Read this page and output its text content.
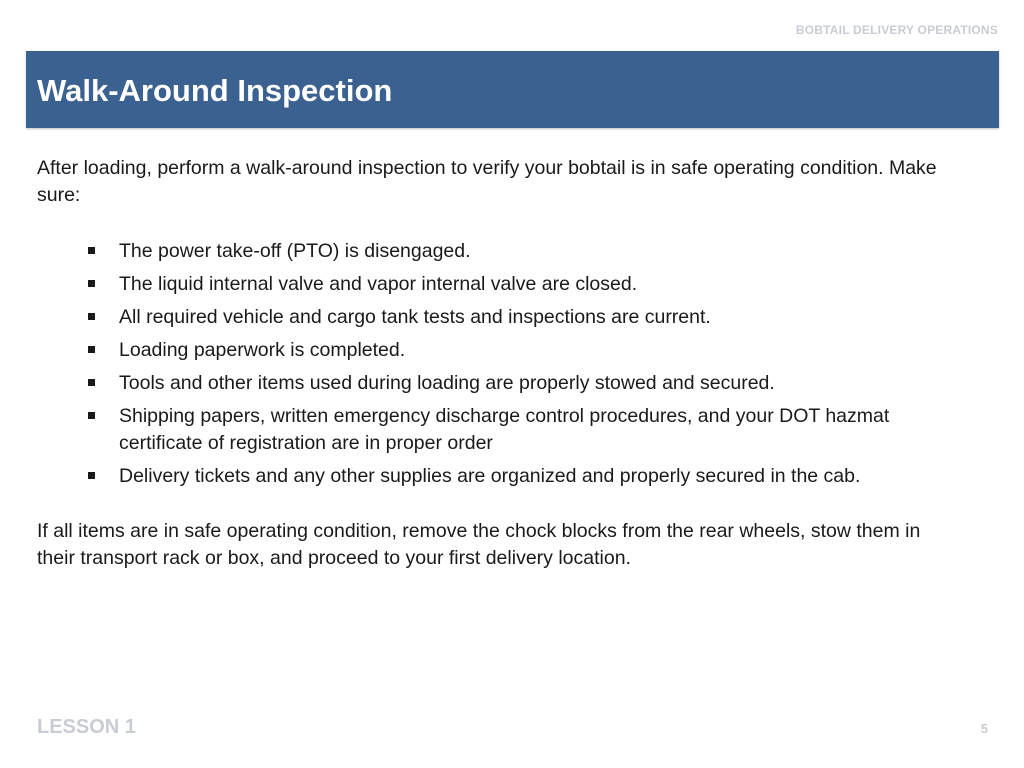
BOBTAIL DELIVERY OPERATIONS
Walk-Around Inspection

After loading, perform a walk-around inspection to verify your bobtail is in safe operating condition. Make sure:

The power take-off (PTO) is disengaged.
The liquid internal valve and vapor internal valve are closed.
All required vehicle and cargo tank tests and inspections are current.
Loading paperwork is completed.
Tools and other items used during loading are properly stowed and secured.
Shipping papers, written emergency discharge control procedures, and your DOT hazmat certificate of registration are in proper order
Delivery tickets and any other supplies are organized and properly secured in the cab.

If all items are in safe operating condition, remove the chock blocks from the rear wheels, stow them in their transport rack or box, and proceed to your first delivery location.

LESSON 1	5
